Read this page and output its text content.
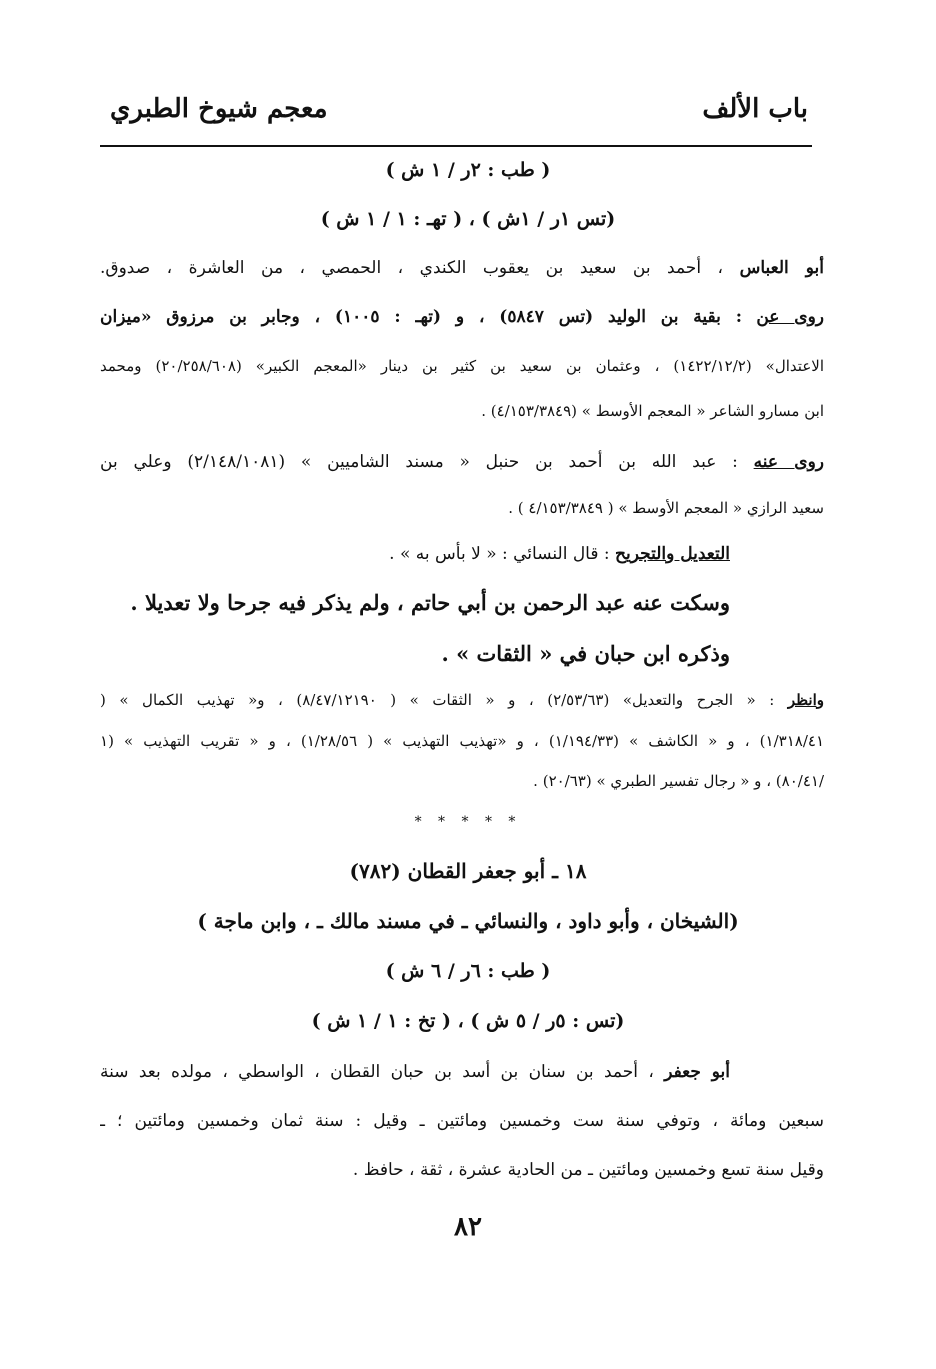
باب الألف
معجم شيوخ الطبري
( طب : ٢ر / ١ ش )
(تس ١ر / ١ش ) ، ( تهـ : ١ / ١ ش )
أبو العباس ، أحمد بن سعيد بن يعقوب الكندي ، الحمصي ، من العاشرة ، صدوق.
روى عن : بقية بن الوليد (تس ٥٨٤٧) ، و (تهـ : ١٠٠٥) ، وجابر بن مرزوق «ميزان
الاعتدال» (١٤٢٢/١٢/٢) ، وعثمان بن سعيد بن كثير بن دينار «المعجم الكبير» (٢٠/٢٥٨/٦٠٨) ومحمد
ابن مسارو الشاعر « المعجم الأوسط » (٤/١٥٣/٣٨٤٩) .
روى عنه : عبد الله بن أحمد بن حنبل « مسند الشاميين » (٢/١٤٨/١٠٨١) وعلي بن
سعيد الرازي « المعجم الأوسط » ( ٤/١٥٣/٣٨٤٩ ) .
التعديل والتجريح : قال النسائي : « لا بأس به » .
وسكت عنه عبد الرحمن بن أبي حاتم ، ولم يذكر فيه جرحا ولا تعديلا .
وذكره ابن حبان في « الثقات » .
وانظر : « الجرح والتعديل» (٢/٥٣/٦٣) ، و « الثقات » ( ٨/٤٧/١٢١٩٠) ، و« تهذيب الكمال » (
١/٣١٨/٤١) ، و « الكاشف » (١/١٩٤/٣٣) ، و «تهذيب التهذيب » ( ١/٢٨/٥٦) ، و « تقريب التهذيب » (١
/٨٠/٤١) ، و « رجال تفسير الطبري » (٢٠/٦٣) .
* * * * *
١٨ ـ أبو جعفر القطان (٧٨٢)
(الشيخان ، وأبو داود ، والنسائي ـ في مسند مالك ـ ، وابن ماجة )
( طب : ٦ر / ٦ ش )
(تس : ٥ر / ٥ ش ) ، ( تخ : ١ / ١ ش )
أبو جعفر ، أحمد بن سنان بن أسد بن حبان القطان ، الواسطي ، مولده بعد سنة
سبعين ومائة ، وتوفي سنة ست وخمسين ومائتين ـ وقيل : سنة ثمان وخمسين ومائتين ؛ ـ
وقيل سنة تسع وخمسين ومائتين ـ من الحادية عشرة ، ثقة ، حافظ .
٨٢
